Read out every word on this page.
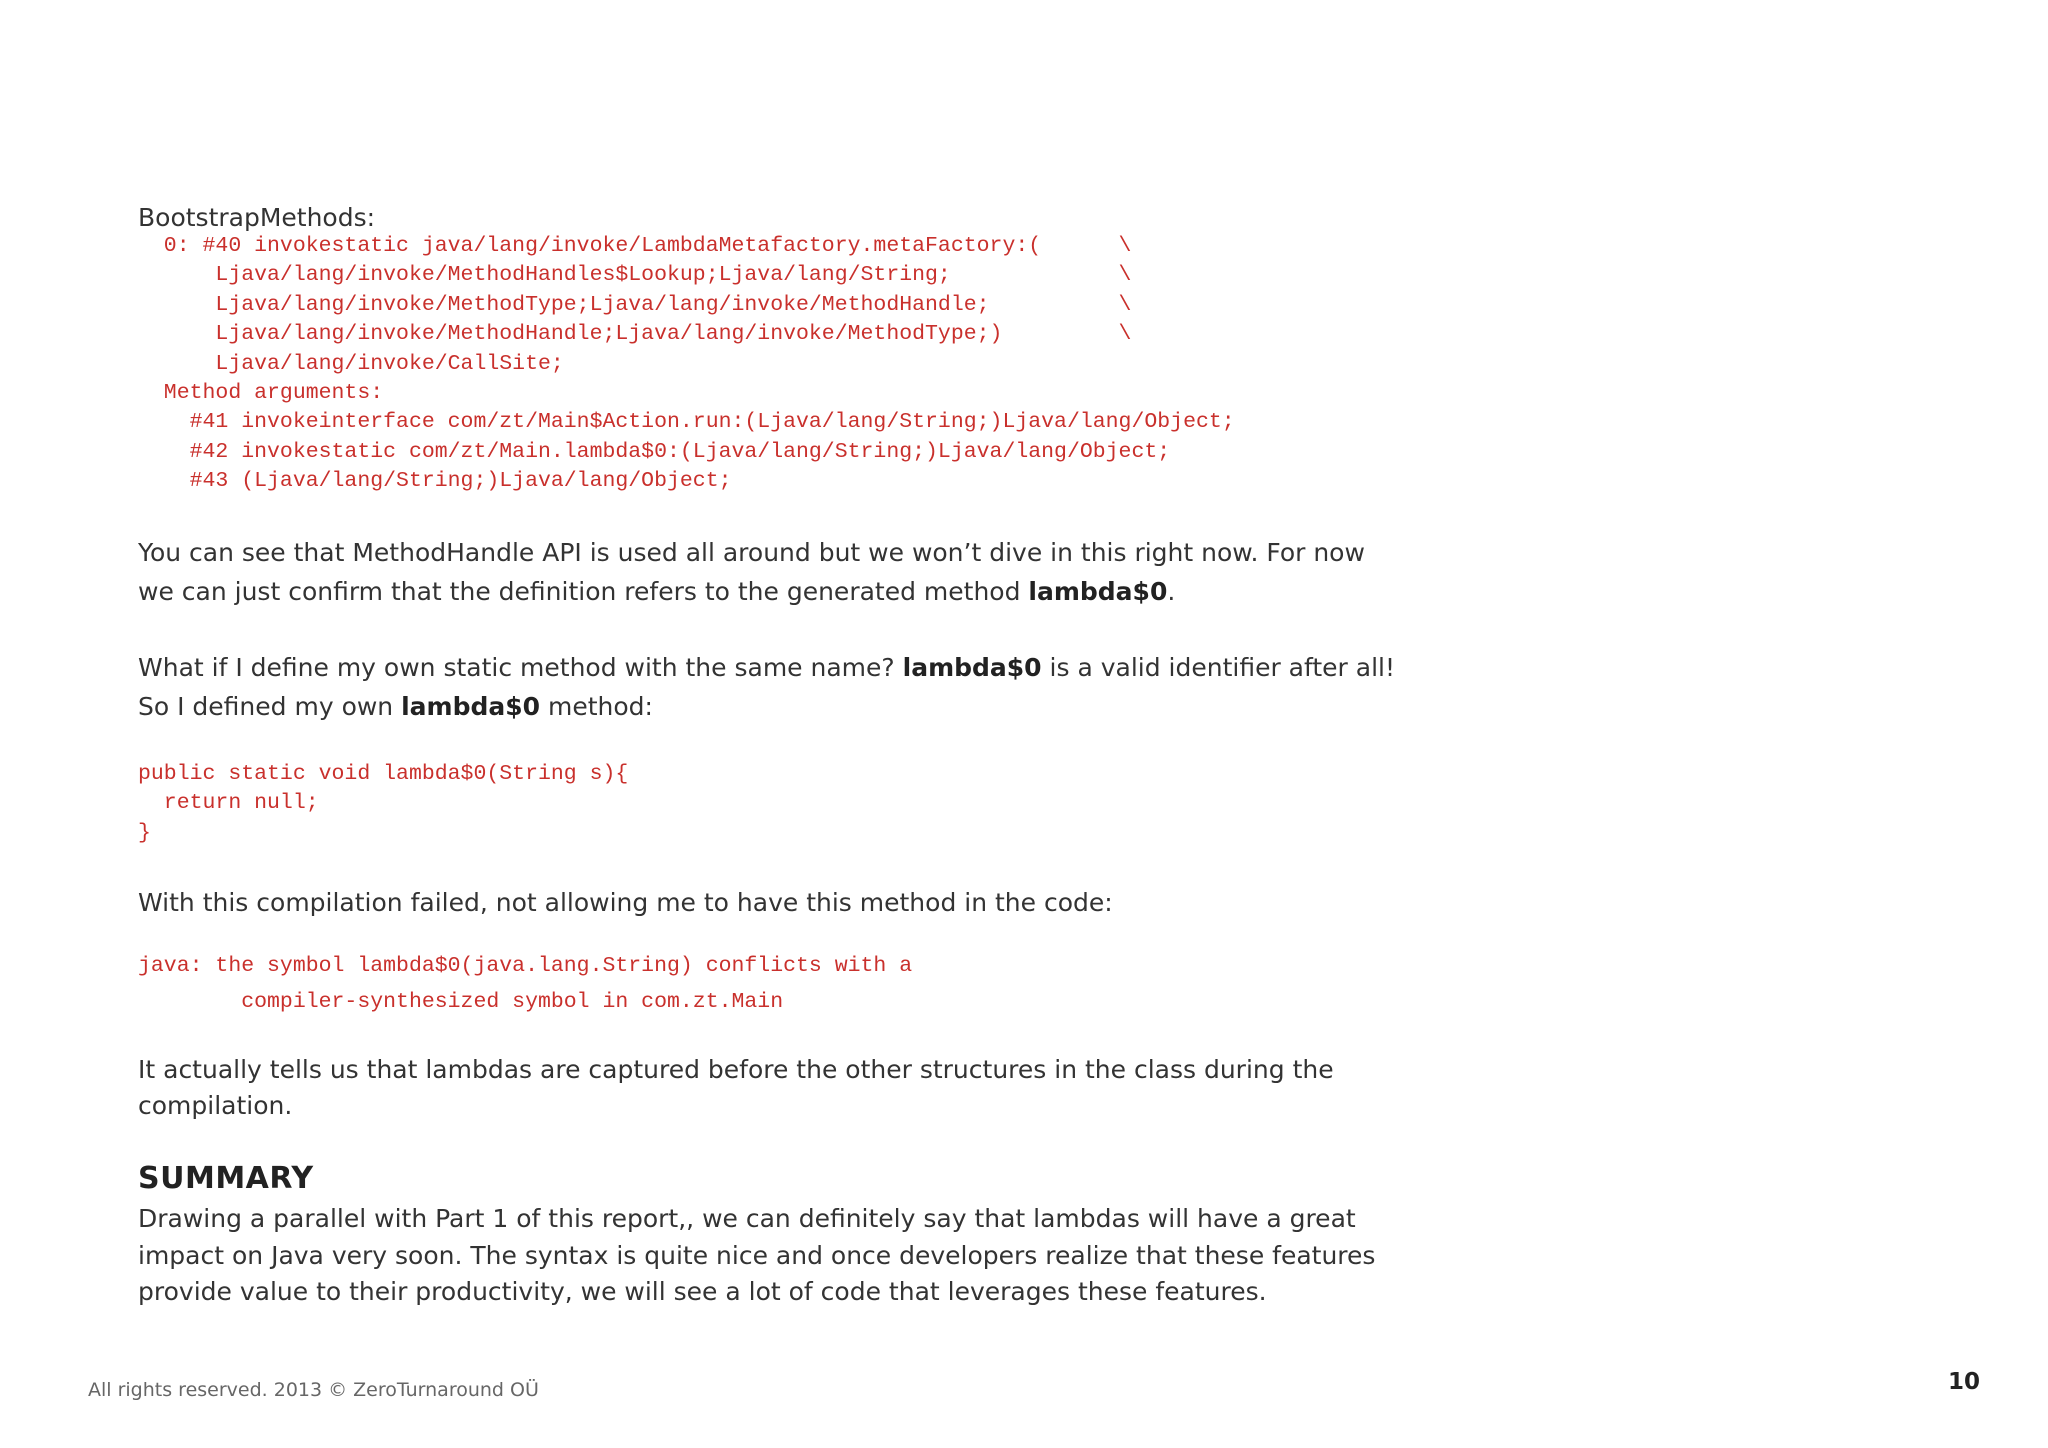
BootstrapMethods:

0: #40 invokestatic java/lang/invoke/LambdaMetafactory.metaFactory:(      \
Ljava/lang/invoke/MethodHandles$Lookup;Ljava/lang/String;             \
Ljava/lang/invoke/MethodType;Ljava/lang/invoke/MethodHandle;          \
Ljava/lang/invoke/MethodHandle;Ljava/lang/invoke/MethodType;)         \
Ljava/lang/invoke/CallSite;
Method arguments:
#41 invokeinterface com/zt/Main$Action.run:(Ljava/lang/String;)Ljava/lang/Object;
#42 invokestatic com/zt/Main.lambda$0:(Ljava/lang/String;)Ljava/lang/Object;
#43 (Ljava/lang/String;)Ljava/lang/Object;

You can see that MethodHandle API is used all around but we won’t dive in this right now. For now

we can just confirm that the definition refers to the generated method lambda$0.

What if I define my own static method with the same name? lambda$0 is a valid identifier after all!

So I defined my own lambda$0 method:

public static void lambda$0(String s){
return null;
}

With this compilation failed, not allowing me to have this method in the code:

java: the symbol lambda$0(java.lang.String) conflicts with a
compiler-synthesized symbol in com.zt.Main

It actually tells us that lambdas are captured before the other structures in the class during the

compilation.

SUMMARY

Drawing a parallel with Part 1 of this report,, we can definitely say that lambdas will have a great

impact on Java very soon. The syntax is quite nice and once developers realize that these features

provide value to their productivity, we will see a lot of code that leverages these features.

All rights reserved. 2013 © ZeroTurnaround OÜ	10
